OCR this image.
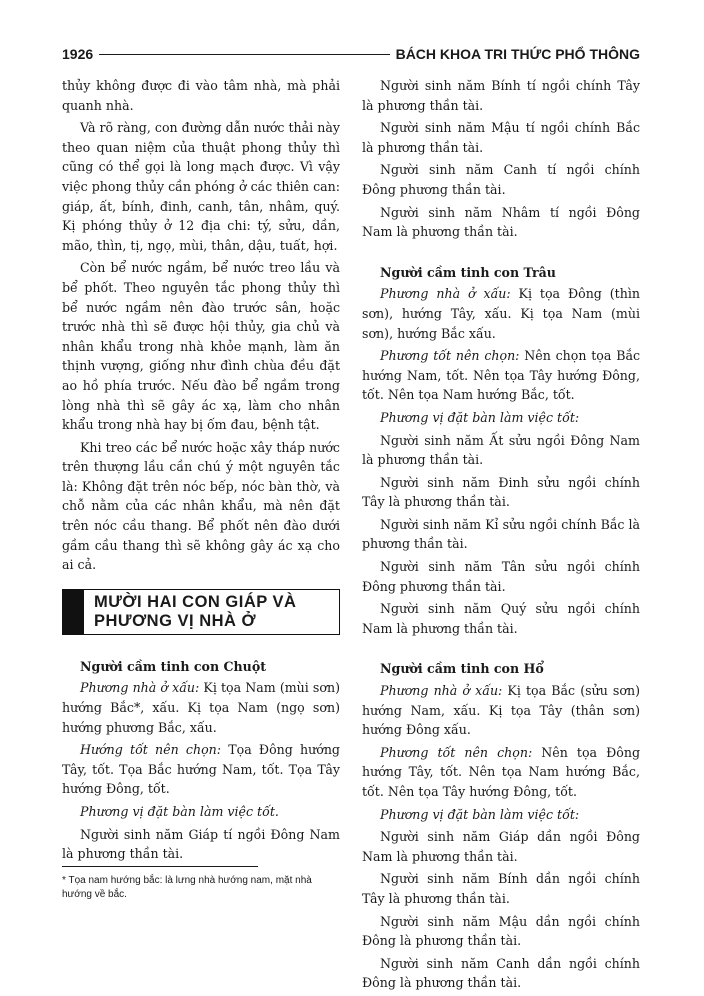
1926	BÁCH KHOA TRI THỨC PHỔ THÔNG

thủy không được đi vào tâm nhà, mà phải quanh nhà.

Và rõ ràng, con đường dẫn nước thải này theo quan niệm của thuật phong thủy thì cũng có thể gọi là long mạch được. Vì vậy việc phong thủy cần phóng ở các thiên can: giáp, ất, bính, đinh, canh, tân, nhâm, quý. Kị phóng thủy ở 12 địa chi: tý, sửu, dần, mão, thìn, tị, ngọ, mùi, thân, dậu, tuất, hợi.

Còn bể nước ngầm, bể nước treo lầu và bể phốt. Theo nguyên tắc phong thủy thì bể nước ngầm nên đào trước sân, hoặc trước nhà thì sẽ được hội thủy, gia chủ và nhân khẩu trong nhà khỏe mạnh, làm ăn thịnh vượng, giống như đình chùa đều đặt ao hồ phía trước. Nếu đào bể ngầm trong lòng nhà thì sẽ gây ác xạ, làm cho nhân khẩu trong nhà hay bị ốm đau, bệnh tật.

Khi treo các bể nước hoặc xây tháp nước trên thượng lầu cần chú ý một nguyên tắc là: Không đặt trên nóc bếp, nóc bàn thờ, và chỗ nằm của các nhân khẩu, mà nên đặt trên nóc cầu thang. Bể phốt nên đào dưới gầm cầu thang thì sẽ không gây ác xạ cho ai cả.

MƯỜI HAI CON GIÁP VÀ
PHƯƠNG VỊ NHÀ Ở
Người cầm tinh con Chuột

Phương nhà ở xấu: Kị tọa Nam (mùi sơn) hướng Bắc*, xấu. Kị tọa Nam (ngọ sơn) hướng phương Bắc, xấu.

Hướng tốt nên chọn: Tọa Đông hướng Tây, tốt. Tọa Bắc hướng Nam, tốt. Tọa Tây hướng Đông, tốt.

Phương vị đặt bàn làm việc tốt.

Người sinh năm Giáp tí ngồi Đông Nam là phương thần tài.

* Tọa nam hướng bắc: là lưng nhà hướng nam, mặt nhà hướng về bắc.

Người sinh năm Bính tí ngồi chính Tây là phương thần tài.

Người sinh năm Mậu tí ngồi chính Bắc là phương thần tài.

Người sinh năm Canh tí ngồi chính Đông phương thần tài.

Người sinh năm Nhâm tí ngồi Đông Nam là phương thần tài.

Người cầm tinh con Trâu

Phương nhà ở xấu: Kị tọa Đông (thìn sơn), hướng Tây, xấu. Kị tọa Nam (mùi sơn), hướng Bắc xấu.

Phương tốt nên chọn: Nên chọn tọa Bắc hướng Nam, tốt. Nên tọa Tây hướng Đông, tốt. Nên tọa Nam hướng Bắc, tốt.

Phương vị đặt bàn làm việc tốt:

Người sinh năm Ất sửu ngồi Đông Nam là phương thần tài.

Người sinh năm Đinh sửu ngồi chính Tây là phương thần tài.

Người sinh năm Kỉ sửu ngồi chính Bắc là phương thần tài.

Người sinh năm Tân sửu ngồi chính Đông phương thần tài.

Người sinh năm Quý sửu ngồi chính Nam là phương thần tài.

Người cầm tinh con Hổ

Phương nhà ở xấu: Kị tọa Bắc (sửu sơn) hướng Nam, xấu. Kị tọa Tây (thân sơn) hướng Đông xấu.

Phương tốt nên chọn: Nên tọa Đông hướng Tây, tốt. Nên tọa Nam hướng Bắc, tốt. Nên tọa Tây hướng Đông, tốt.

Phương vị đặt bàn làm việc tốt:

Người sinh năm Giáp dần ngồi Đông Nam là phương thần tài.

Người sinh năm Bính dần ngồi chính Tây là phương thần tài.

Người sinh năm Mậu dần ngồi chính Đông là phương thần tài.

Người sinh năm Canh dần ngồi chính Đông là phương thần tài.
